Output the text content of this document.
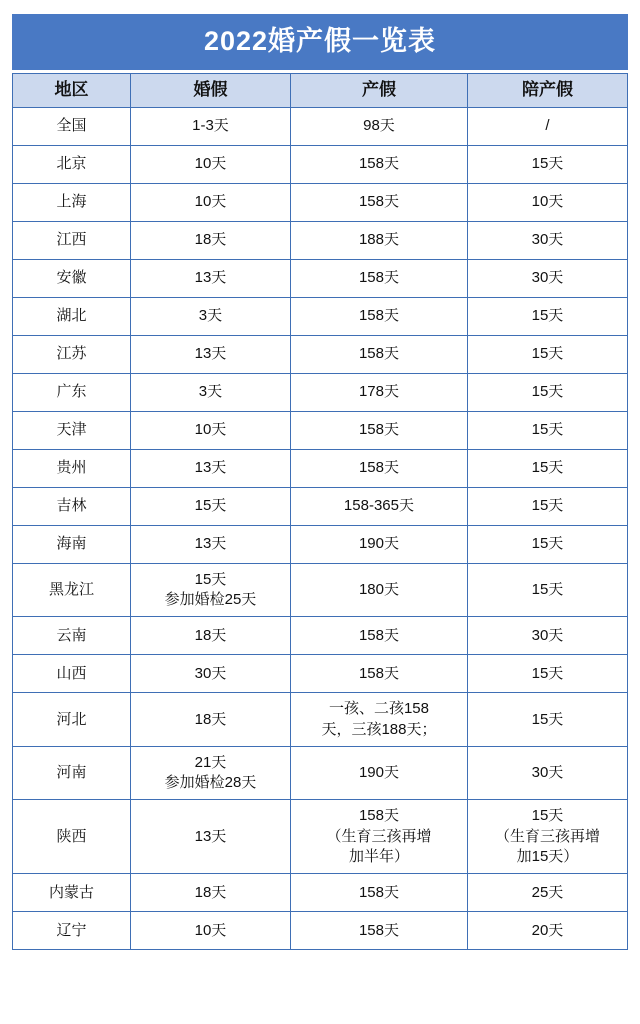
2022婚产假一览表
地区	婚假	产假	陪产假
全国	1-3天	98天	/

北京	10天	158天	15天

上海	10天	158天	10天

江西	18天	188天	30天

安徽	13天	158天	30天

湖北	3天	158天	15天

江苏	13天	158天	15天

广东	3天	178天	15天

天津	10天	158天	15天

贵州	13天	158天	15天

吉林	15天	158-365天	15天

海南	13天	190天	15天

黑龙江	15天
参加婚检25天	180天	15天

云南	18天	158天	30天

山西	30天	158天	15天

河北	18天	一孩、二孩158
天，三孩188天；	15天

河南	21天
参加婚检28天	190天	30天

陕西	13天	158天
（生育三孩再增
加半年）	15天
（生育三孩再增
加15天）

内蒙古	18天	158天	25天

辽宁	10天	158天	20天
